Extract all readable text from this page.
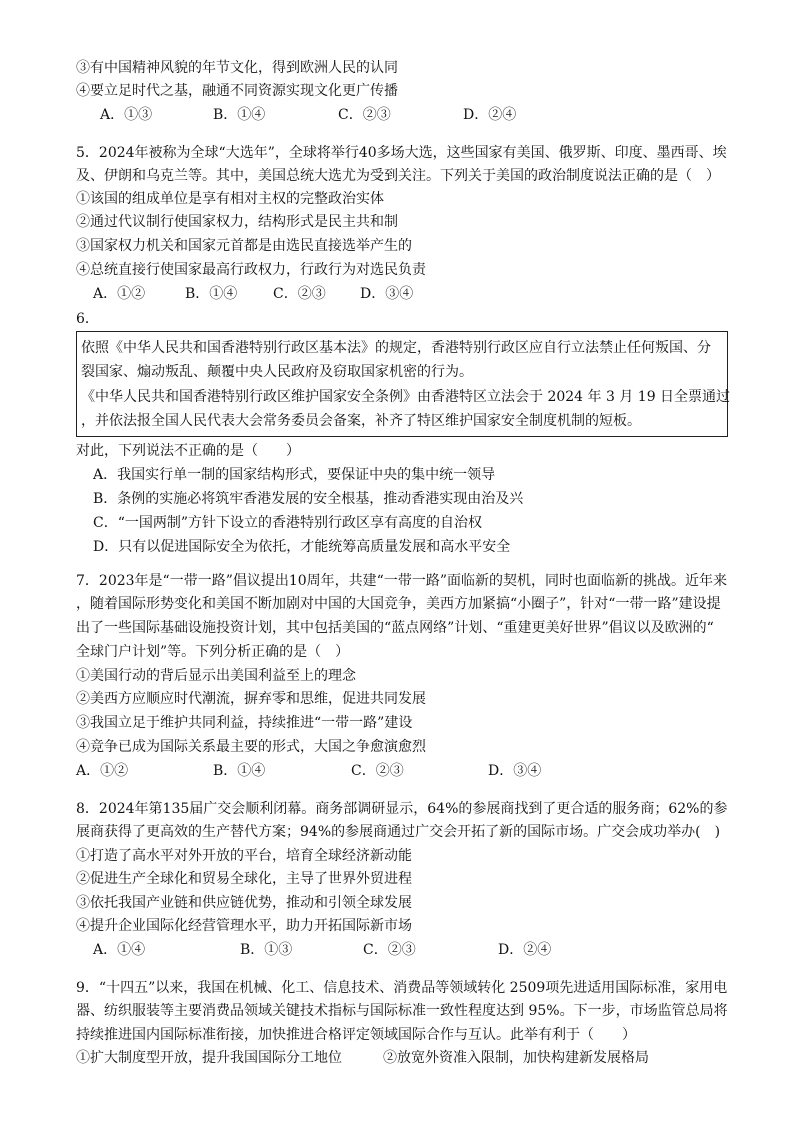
③有中国精神风貌的年节文化，得到欧洲人民的认同
④要立足时代之基，融通不同资源实现文化更广传播
A．①③	B．①④	C．②③	D．②④
5．2024年被称为全球“大选年”，全球将举行40多场大选，这些国家有美国、俄罗斯、印度、墨西哥、埃
及、伊朗和乌克兰等。其中，美国总统大选尤为受到关注。下列关于美国的政治制度说法正确的是（　）
①该国的组成单位是享有相对主权的完整政治实体
②通过代议制行使国家权力，结构形式是民主共和制
③国家权力机关和国家元首都是由选民直接选举产生的
④总统直接行使国家最高行政权力，行政行为对选民负责
A．①②	B．①④	C．②③ D．③④
6．
依照《中华人民共和国香港特别行政区基本法》的规定，香港特别行政区应自行立法禁止任何叛国、分
裂国家、煽动叛乱、颠覆中央人民政府及窃取国家机密的行为。
《中华人民共和国香港特别行政区维护国家安全条例》由香港特区立法会于 2024 年 3 月 19 日全票通过
，并依法报全国人民代表大会常务委员会备案，补齐了特区维护国家安全制度机制的短板。
对此，下列说法不正确的是（　　）
A．我国实行单一制的国家结构形式，要保证中央的集中统一领导
B．条例的实施必将筑牢香港发展的安全根基，推动香港实现由治及兴
C．“一国两制”方针下设立的香港特别行政区享有高度的自治权
D．只有以促进国际安全为依托，才能统筹高质量发展和高水平安全
7．2023年是“一带一路”倡议提出10周年，共建“一带一路”面临新的契机，同时也面临新的挑战。近年来
，随着国际形势变化和美国不断加剧对中国的大国竞争，美西方加紧搞“小圈子”，针对“一带一路”建设提
出了一些国际基础设施投资计划，其中包括美国的“蓝点网络”计划、“重建更美好世界”倡议以及欧洲的“
全球门户计划”等。下列分析正确的是（　）
①美国行动的背后显示出美国利益至上的理念
②美西方应顺应时代潮流，摒弃零和思维，促进共同发展
③我国立足于维护共同利益，持续推进“一带一路”建设
④竞争已成为国际关系最主要的形式，大国之争愈演愈烈
A．①②	B．①④	C．②③	D．③④
8．2024年第135届广交会顺利闭幕。商务部调研显示，64%的参展商找到了更合适的服务商；62%的参
展商获得了更高效的生产替代方案；94%的参展商通过广交会开拓了新的国际市场。广交会成功举办(　)
①打造了高水平对外开放的平台，培育全球经济新动能
②促进生产全球化和贸易全球化，主导了世界外贸进程
③依托我国产业链和供应链优势，推动和引领全球发展
④提升企业国际化经营管理水平，助力开拓国际新市场
A．①④	B．①③	C．②③	D．②④
9．“十四五”以来，我国在机械、化工、信息技术、消费品等领域转化 2509项先进适用国际标准，家用电
器、纺织服装等主要消费品领域关键技术指标与国际标准一致性程度达到 95%。下一步，市场监管总局将
持续推进国内国际标准衔接，加快推进合格评定领域国际合作与互认。此举有利于（　　）
①扩大制度型开放，提升我国国际分工地位	②放宽外资准入限制，加快构建新发展格局
